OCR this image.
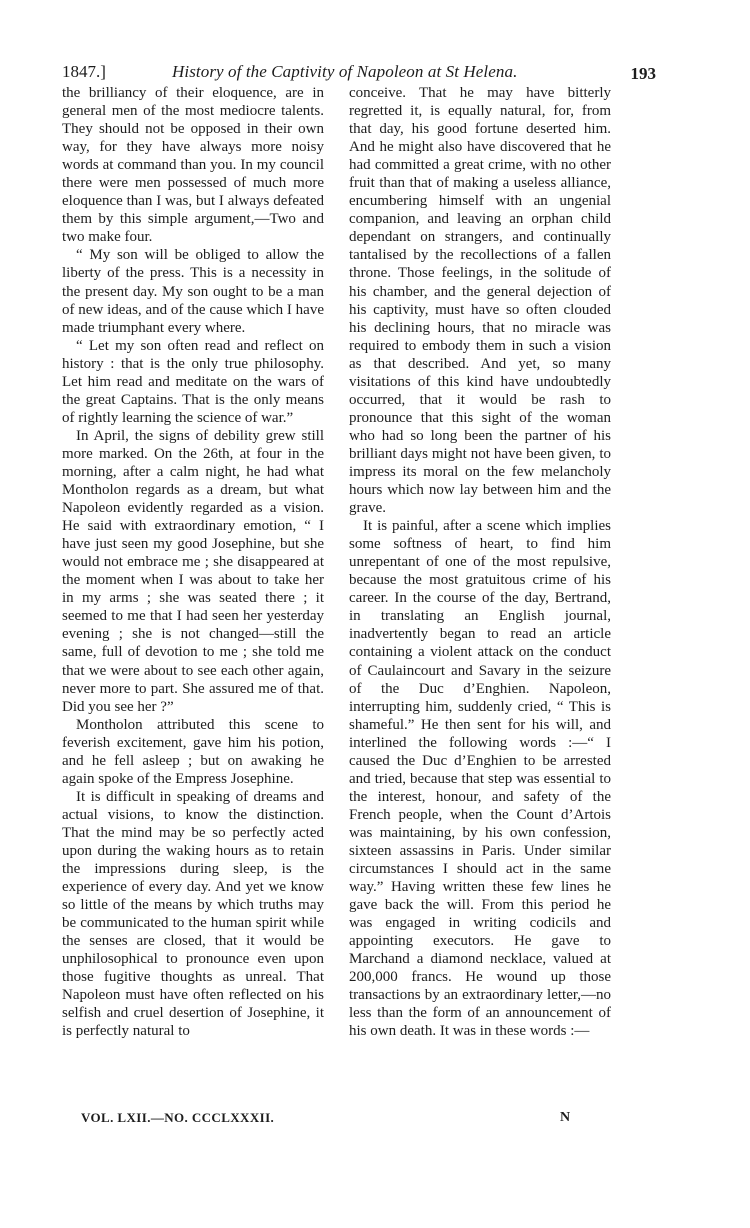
1847.]	History of the Captivity of Napoleon at St Helena.	193

the brilliancy of their eloquence, are in general men of the most mediocre talents. They should not be opposed in their own way, for they have always more noisy words at command than you. In my council there were men possessed of much more eloquence than I was, but I always defeated them by this simple argument,—Two and two make four.

“ My son will be obliged to allow the liberty of the press. This is a necessity in the present day. My son ought to be a man of new ideas, and of the cause which I have made triumphant every where.

“ Let my son often read and reflect on history : that is the only true philosophy. Let him read and meditate on the wars of the great Captains. That is the only means of rightly learning the science of war.”

In April, the signs of debility grew still more marked. On the 26th, at four in the morning, after a calm night, he had what Montholon regards as a dream, but what Napoleon evidently regarded as a vision. He said with extraordinary emotion, “ I have just seen my good Josephine, but she would not embrace me ; she disappeared at the moment when I was about to take her in my arms ; she was seated there ; it seemed to me that I had seen her yesterday evening ; she is not changed—still the same, full of devotion to me ; she told me that we were about to see each other again, never more to part. She assured me of that. Did you see her ?”

Montholon attributed this scene to feverish excitement, gave him his potion, and he fell asleep ; but on awaking he again spoke of the Empress Josephine.

It is difficult in speaking of dreams and actual visions, to know the distinction. That the mind may be so perfectly acted upon during the waking hours as to retain the impressions during sleep, is the experience of every day. And yet we know so little of the means by which truths may be communicated to the human spirit while the senses are closed, that it would be unphilosophical to pronounce even upon those fugitive thoughts as unreal. That Napoleon must have often reflected on his selfish and cruel desertion of Josephine, it is perfectly natural to

conceive. That he may have bitterly regretted it, is equally natural, for, from that day, his good fortune deserted him. And he might also have discovered that he had committed a great crime, with no other fruit than that of making a useless alliance, encumbering himself with an ungenial companion, and leaving an orphan child dependant on strangers, and continually tantalised by the recollections of a fallen throne. Those feelings, in the solitude of his chamber, and the general dejection of his captivity, must have so often clouded his declining hours, that no miracle was required to embody them in such a vision as that described. And yet, so many visitations of this kind have undoubtedly occurred, that it would be rash to pronounce that this sight of the woman who had so long been the partner of his brilliant days might not have been given, to impress its moral on the few melancholy hours which now lay between him and the grave.

It is painful, after a scene which implies some softness of heart, to find him unrepentant of one of the most repulsive, because the most gratuitous crime of his career. In the course of the day, Bertrand, in translating an English journal, inadvertently began to read an article containing a violent attack on the conduct of Caulaincourt and Savary in the seizure of the Duc d’Enghien. Napoleon, interrupting him, suddenly cried, “ This is shameful.” He then sent for his will, and interlined the following words :—“ I caused the Duc d’Enghien to be arrested and tried, because that step was essential to the interest, honour, and safety of the French people, when the Count d’Artois was maintaining, by his own confession, sixteen assassins in Paris. Under similar circumstances I should act in the same way.” Having written these few lines he gave back the will. From this period he was engaged in writing codicils and appointing executors. He gave to Marchand a diamond necklace, valued at 200,000 francs. He wound up those transactions by an extraordinary letter,—no less than the form of an announcement of his own death. It was in these words :—

VOL. LXII.—NO. CCCLXXXII.	N
